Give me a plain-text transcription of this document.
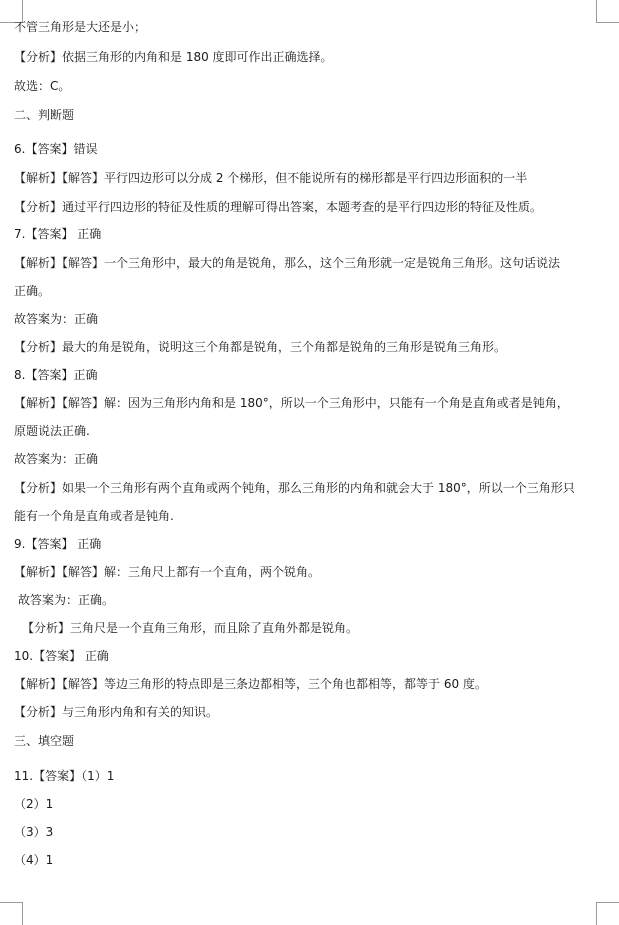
不管三角形是大还是小；
【分析】依据三角形的内角和是 180 度即可作出正确选择。
故选：C。
二、判断题
6.【答案】错误
【解析】【解答】平行四边形可以分成 2 个梯形，但不能说所有的梯形都是平行四边形面积的一半
【分析】通过平行四边形的特征及性质的理解可得出答案，本题考查的是平行四边形的特征及性质。
7.【答案】 正确
【解析】【解答】一个三角形中，最大的角是锐角，那么，这个三角形就一定是锐角三角形。这句话说法
正确。
故答案为：正确
【分析】最大的角是锐角，说明这三个角都是锐角，三个角都是锐角的三角形是锐角三角形。
8.【答案】正确
【解析】【解答】解：因为三角形内角和是 180°，所以一个三角形中，只能有一个角是直角或者是钝角，
原题说法正确.
故答案为：正确
【分析】如果一个三角形有两个直角或两个钝角，那么三角形的内角和就会大于 180°，所以一个三角形只
能有一个角是直角或者是钝角.
9.【答案】 正确
【解析】【解答】解：三角尺上都有一个直角，两个锐角。
故答案为：正确。
【分析】三角尺是一个直角三角形，而且除了直角外都是锐角。
10.【答案】 正确
【解析】【解答】等边三角形的特点即是三条边都相等，三个角也都相等，都等于 60 度。
【分析】与三角形内角和有关的知识。
三、填空题
11.【答案】（1）1
（2）1
（3）3
（4）1
